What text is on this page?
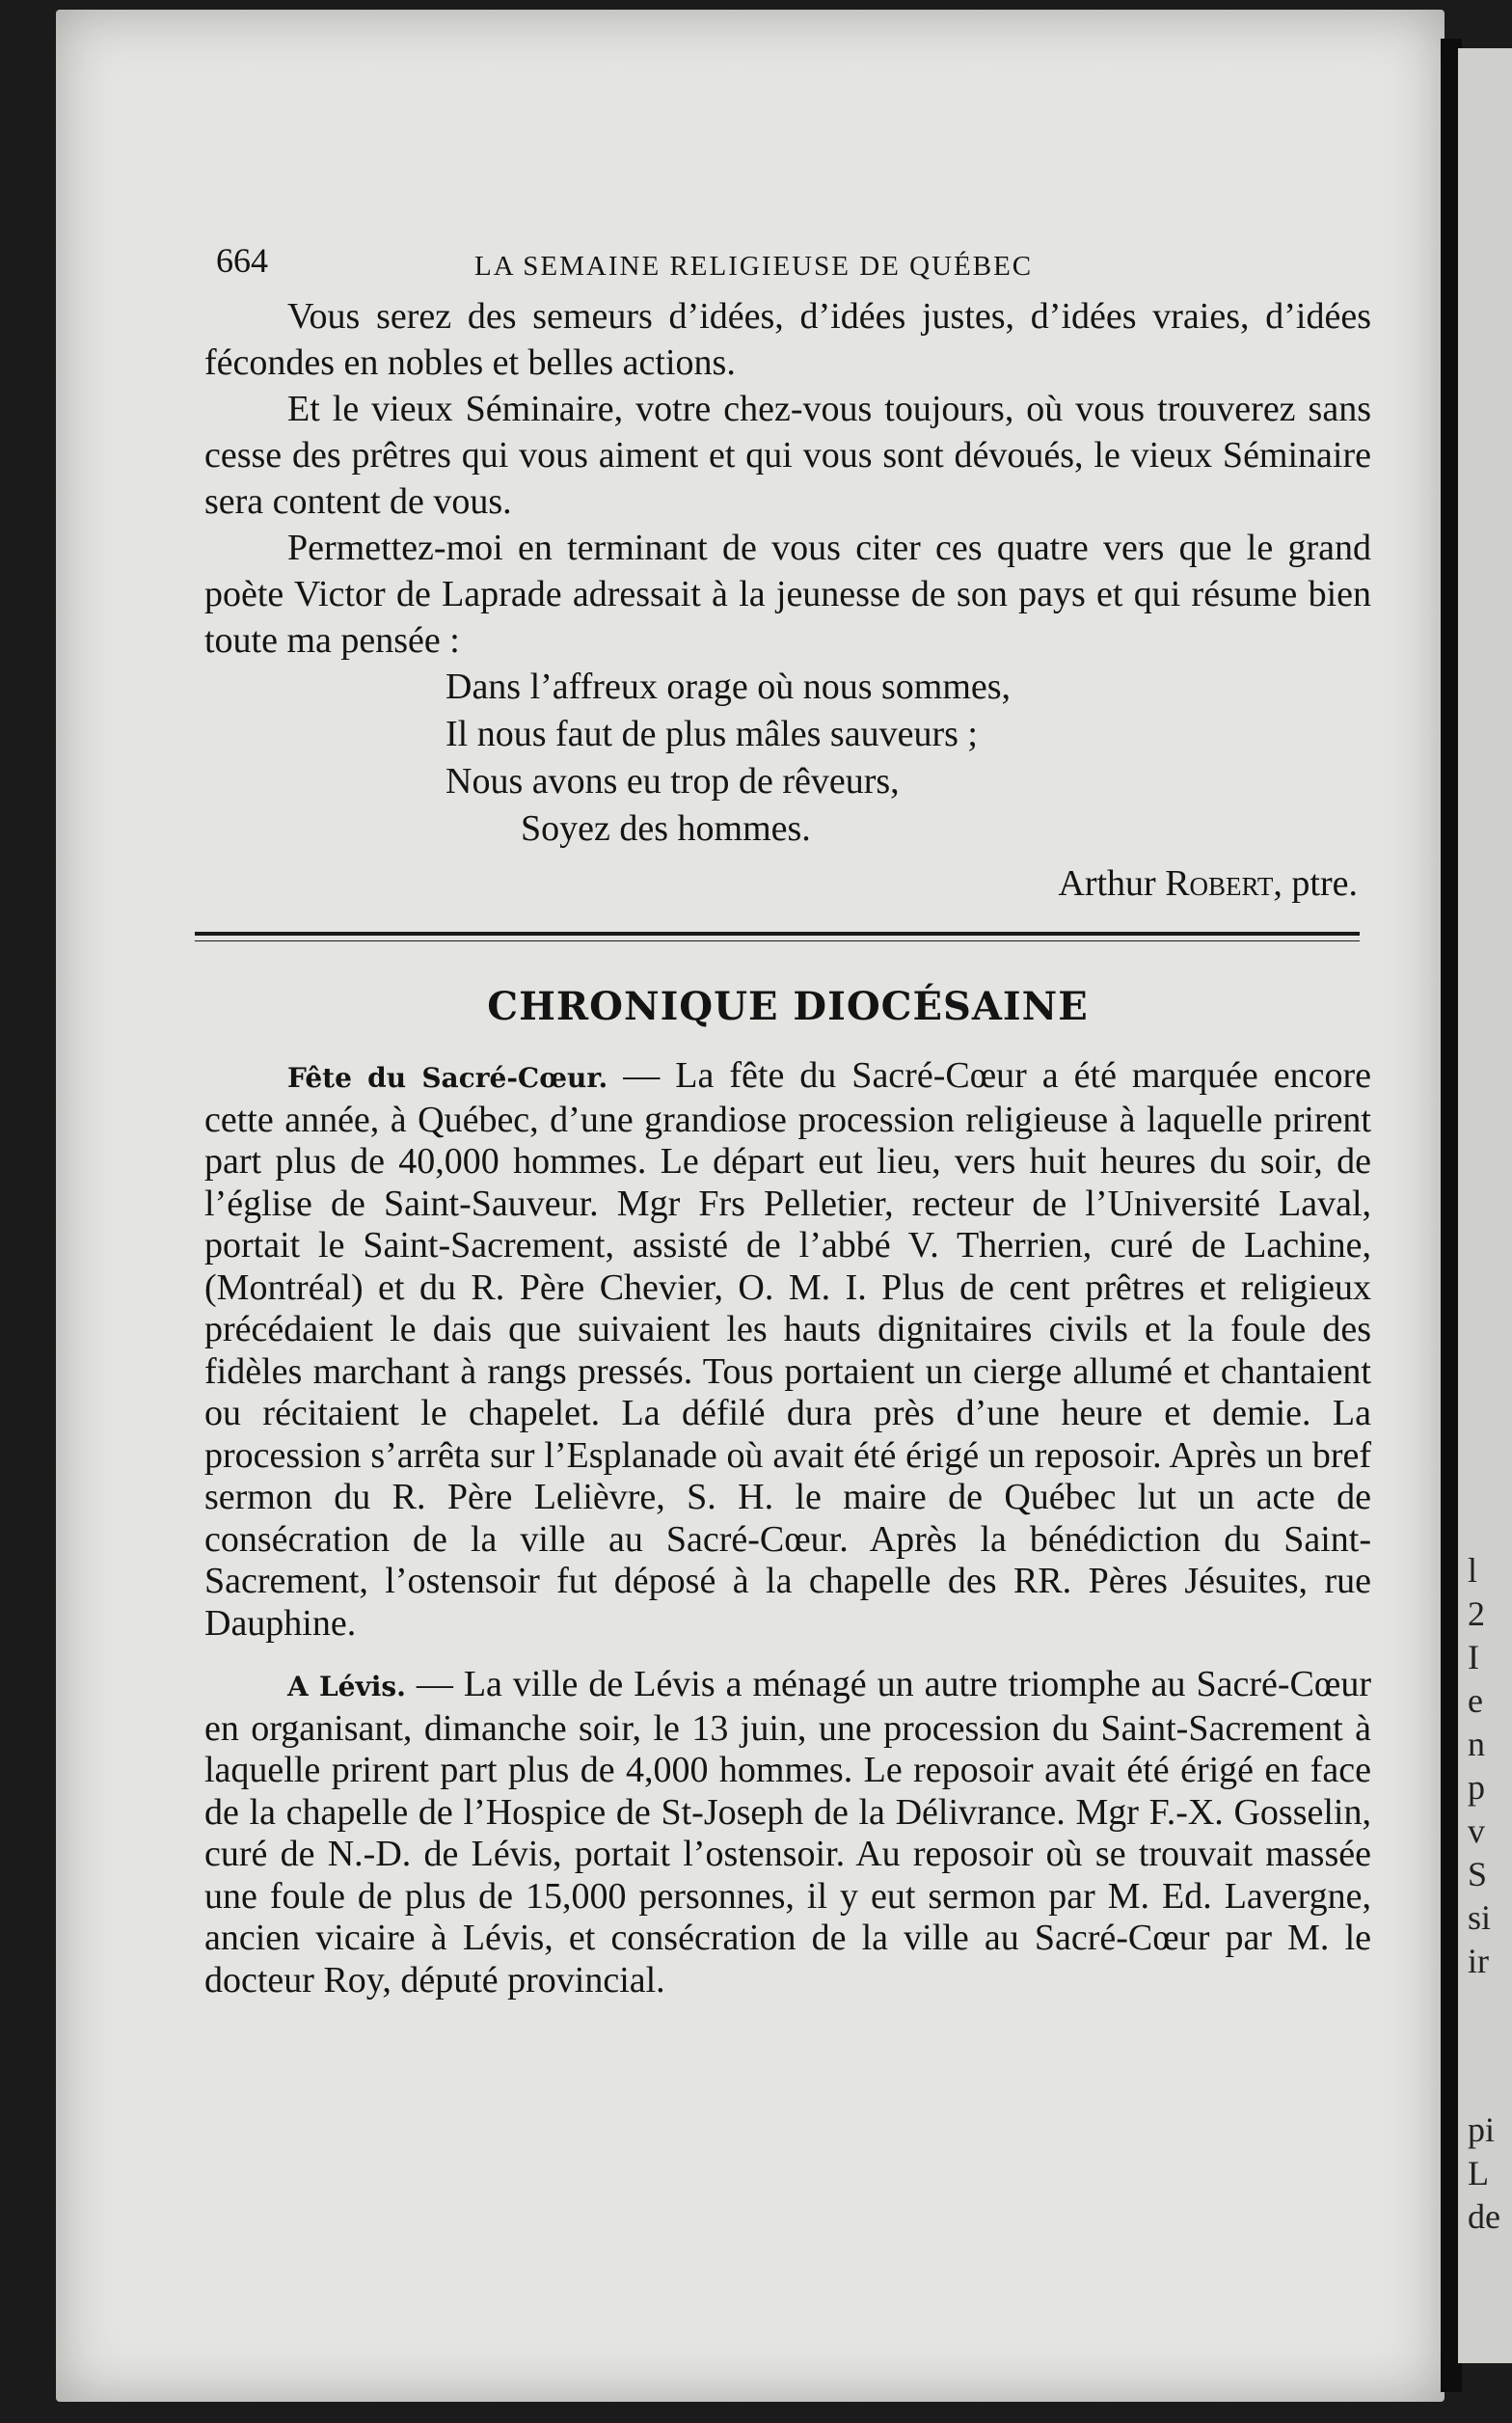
l
2
I
e
n
p
v
S
si
ir
pi
L
de
664	LA SEMAINE RELIGIEUSE DE QUÉBEC

Vous serez des semeurs d’idées, d’idées justes, d’idées vraies, d’idées fécondes en nobles et belles actions.

Et le vieux Séminaire, votre chez-vous toujours, où vous trouverez sans cesse des prêtres qui vous aiment et qui vous sont dévoués, le vieux Séminaire sera content de vous.

Permettez-moi en terminant de vous citer ces quatre vers que le grand poète Victor de Laprade adressait à la jeunesse de son pays et qui résume bien toute ma pensée :

Dans l’affreux orage où nous sommes,
Il nous faut de plus mâles sauveurs ;
Nous avons eu trop de rêveurs,
Soyez des hommes.

Arthur Robert, ptre.

CHRONIQUE DIOCÉSAINE

Fête du Sacré-Cœur. — La fête du Sacré-Cœur a été marquée encore cette année, à Québec, d’une grandiose procession religieuse à laquelle prirent part plus de 40,000 hommes. Le départ eut lieu, vers huit heures du soir, de l’église de Saint-Sauveur. Mgr Frs Pelletier, recteur de l’Université Laval, portait le Saint-Sacrement, assisté de l’abbé V. Therrien, curé de Lachine, (Montréal) et du R. Père Chevier, O. M. I. Plus de cent prêtres et religieux précédaient le dais que suivaient les hauts dignitaires civils et la foule des fidèles marchant à rangs pressés. Tous portaient un cierge allumé et chantaient ou récitaient le chapelet. La défilé dura près d’une heure et demie. La procession s’arrêta sur l’Esplanade où avait été érigé un reposoir. Après un bref sermon du R. Père Lelièvre, S. H. le maire de Québec lut un acte de consécration de la ville au Sacré-Cœur. Après la bénédiction du Saint-Sacrement, l’ostensoir fut déposé à la chapelle des RR. Pères Jésuites, rue Dauphine.

A Lévis. — La ville de Lévis a ménagé un autre triomphe au Sacré-Cœur en organisant, dimanche soir, le 13 juin, une procession du Saint-Sacrement à laquelle prirent part plus de 4,000 hommes. Le reposoir avait été érigé en face de la chapelle de l’Hospice de St-Joseph de la Délivrance. Mgr F.-X. Gosselin, curé de N.-D. de Lévis, portait l’ostensoir. Au reposoir où se trouvait massée une foule de plus de 15,000 personnes, il y eut sermon par M. Ed. Lavergne, ancien vicaire à Lévis, et consécration de la ville au Sacré-Cœur par M. le docteur Roy, député provincial.
